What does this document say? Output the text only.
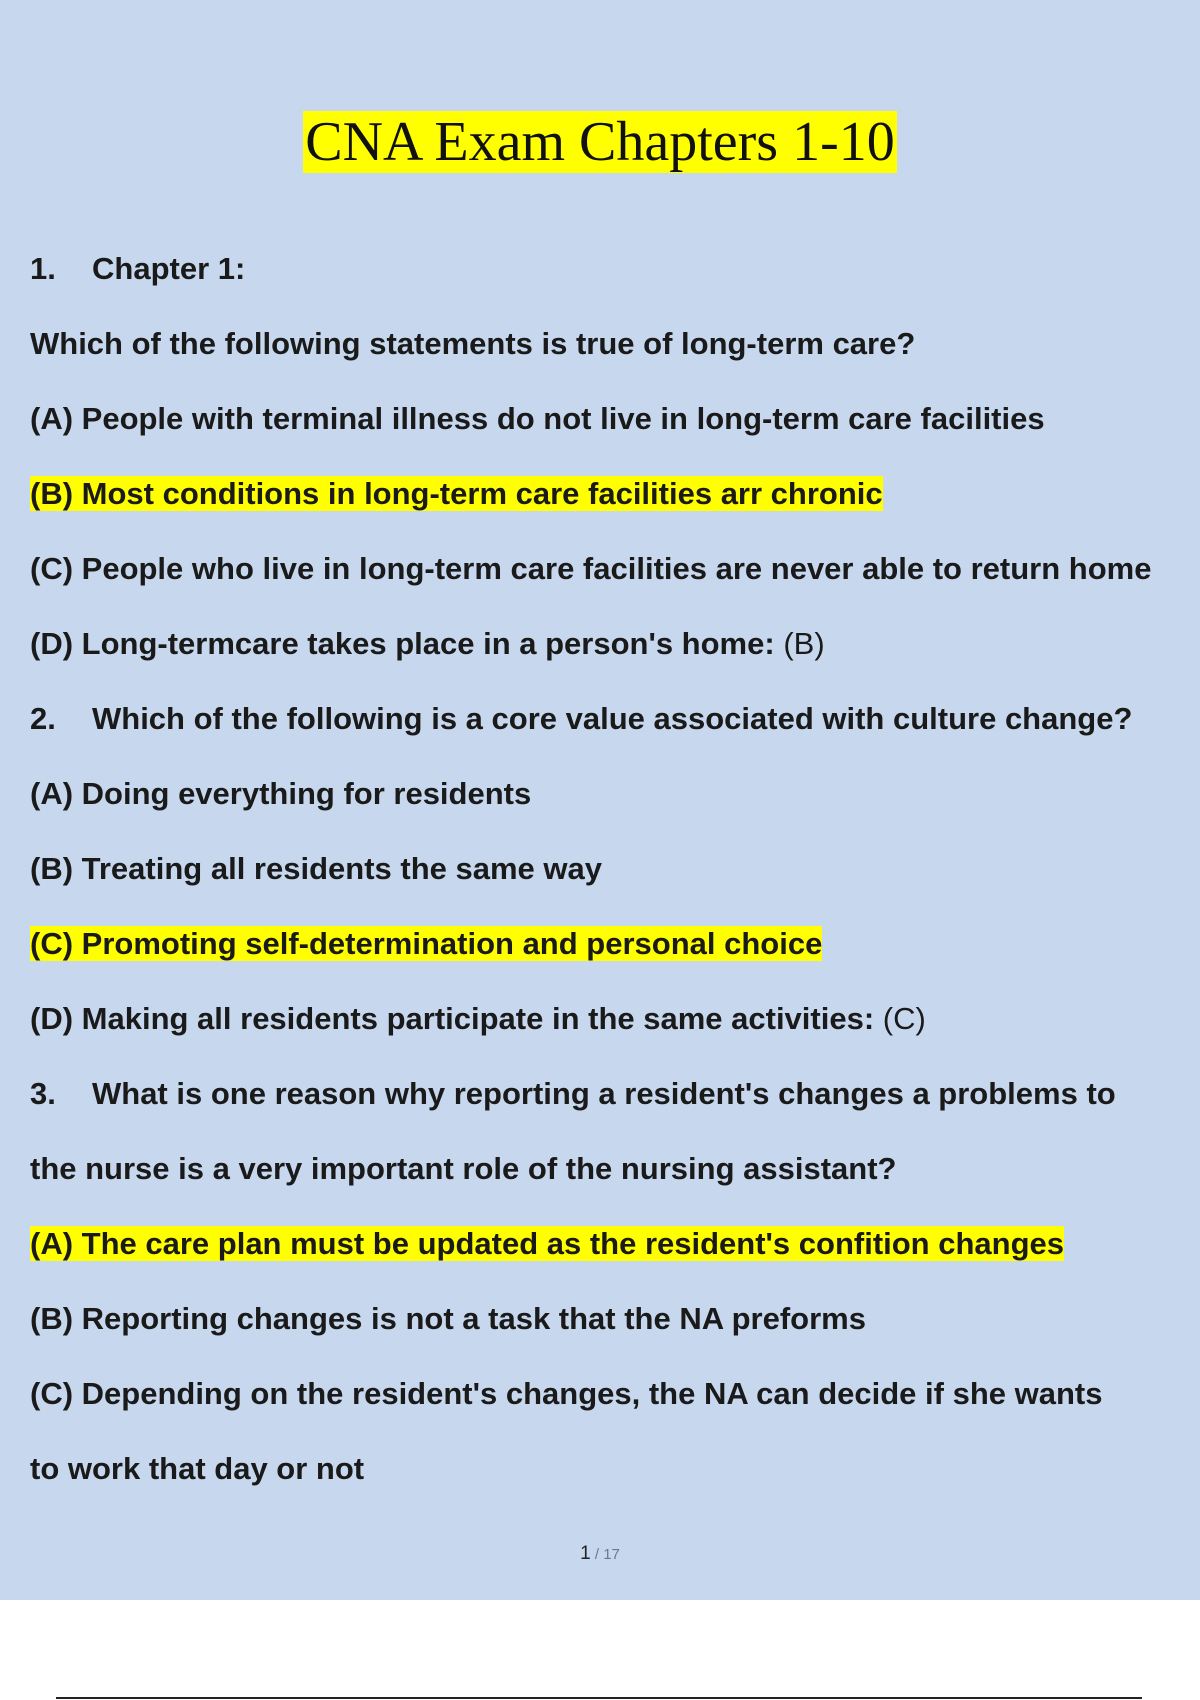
CNA Exam Chapters 1-10
1. Chapter 1:
Which of the following statements is true of long-term care?
(A) People with terminal illness do not live in long-term care facilities
(B) Most conditions in long-term care facilities arr chronic
(C) People who live in long-term care facilities are never able to return home
(D) Long-termcare takes place in a person's home: (B)
2. Which of the following is a core value associated with culture change?
(A) Doing everything for residents
(B) Treating all residents the same way
(C) Promoting self-determination and personal choice
(D) Making all residents participate in the same activities: (C)
3. What is one reason why reporting a resident's changes a problems to
the nurse is a very important role of the nursing assistant?
(A) The care plan must be updated as the resident's confition changes
(B) Reporting changes is not a task that the NA preforms
(C) Depending on the resident's changes, the NA can decide if she wants
to work that day or not
1 / 17
